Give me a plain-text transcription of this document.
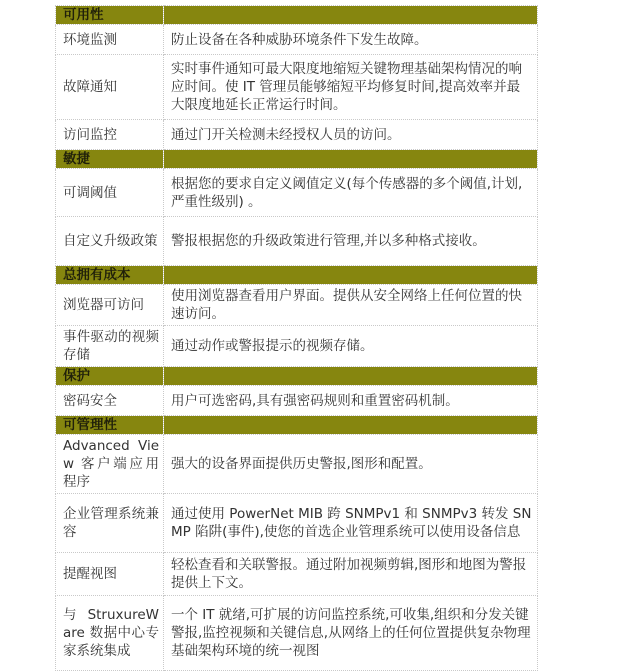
可用性	
环境监测	防止设备在各种威胁环境条件下发生故障。
故障通知	实时事件通知可最大限度地缩短关键物理基础架构情况的响应时间。使 IT 管理员能够缩短平均修复时间,提高效率并最大限度地延长正常运行时间。
访问监控	通过门开关检测未经授权人员的访问。
敏捷	
可调阈值	根据您的要求自定义阈值定义(每个传感器的多个阈值,计划,严重性级别) 。
自定义升级政策	警报根据您的升级政策进行管理,并以多种格式接收。
总拥有成本	
浏览器可访问	使用浏览器查看用户界面。提供从安全网络上任何位置的快速访问。
事件驱动的视频存储	通过动作或警报提示的视频存储。
保护	
密码安全	用户可选密码,具有强密码规则和重置密码机制。
可管理性	
Advanced View 客户端应用程序	强大的设备界面提供历史警报,图形和配置。
企业管理系统兼容	通过使用 PowerNet MIB 跨 SNMPv1 和 SNMPv3 转发 SNMP 陷阱(事件),使您的首选企业管理系统可以使用设备信息
提醒视图	轻松查看和关联警报。通过附加视频剪辑,图形和地图为警报提供上下文。
与 StruxureWare 数据中心专家系统集成	一个 IT 就绪,可扩展的访问监控系统,可收集,组织和分发关键警报,监控视频和关键信息,从网络上的任何位置提供复杂物理基础架构环境的统一视图
